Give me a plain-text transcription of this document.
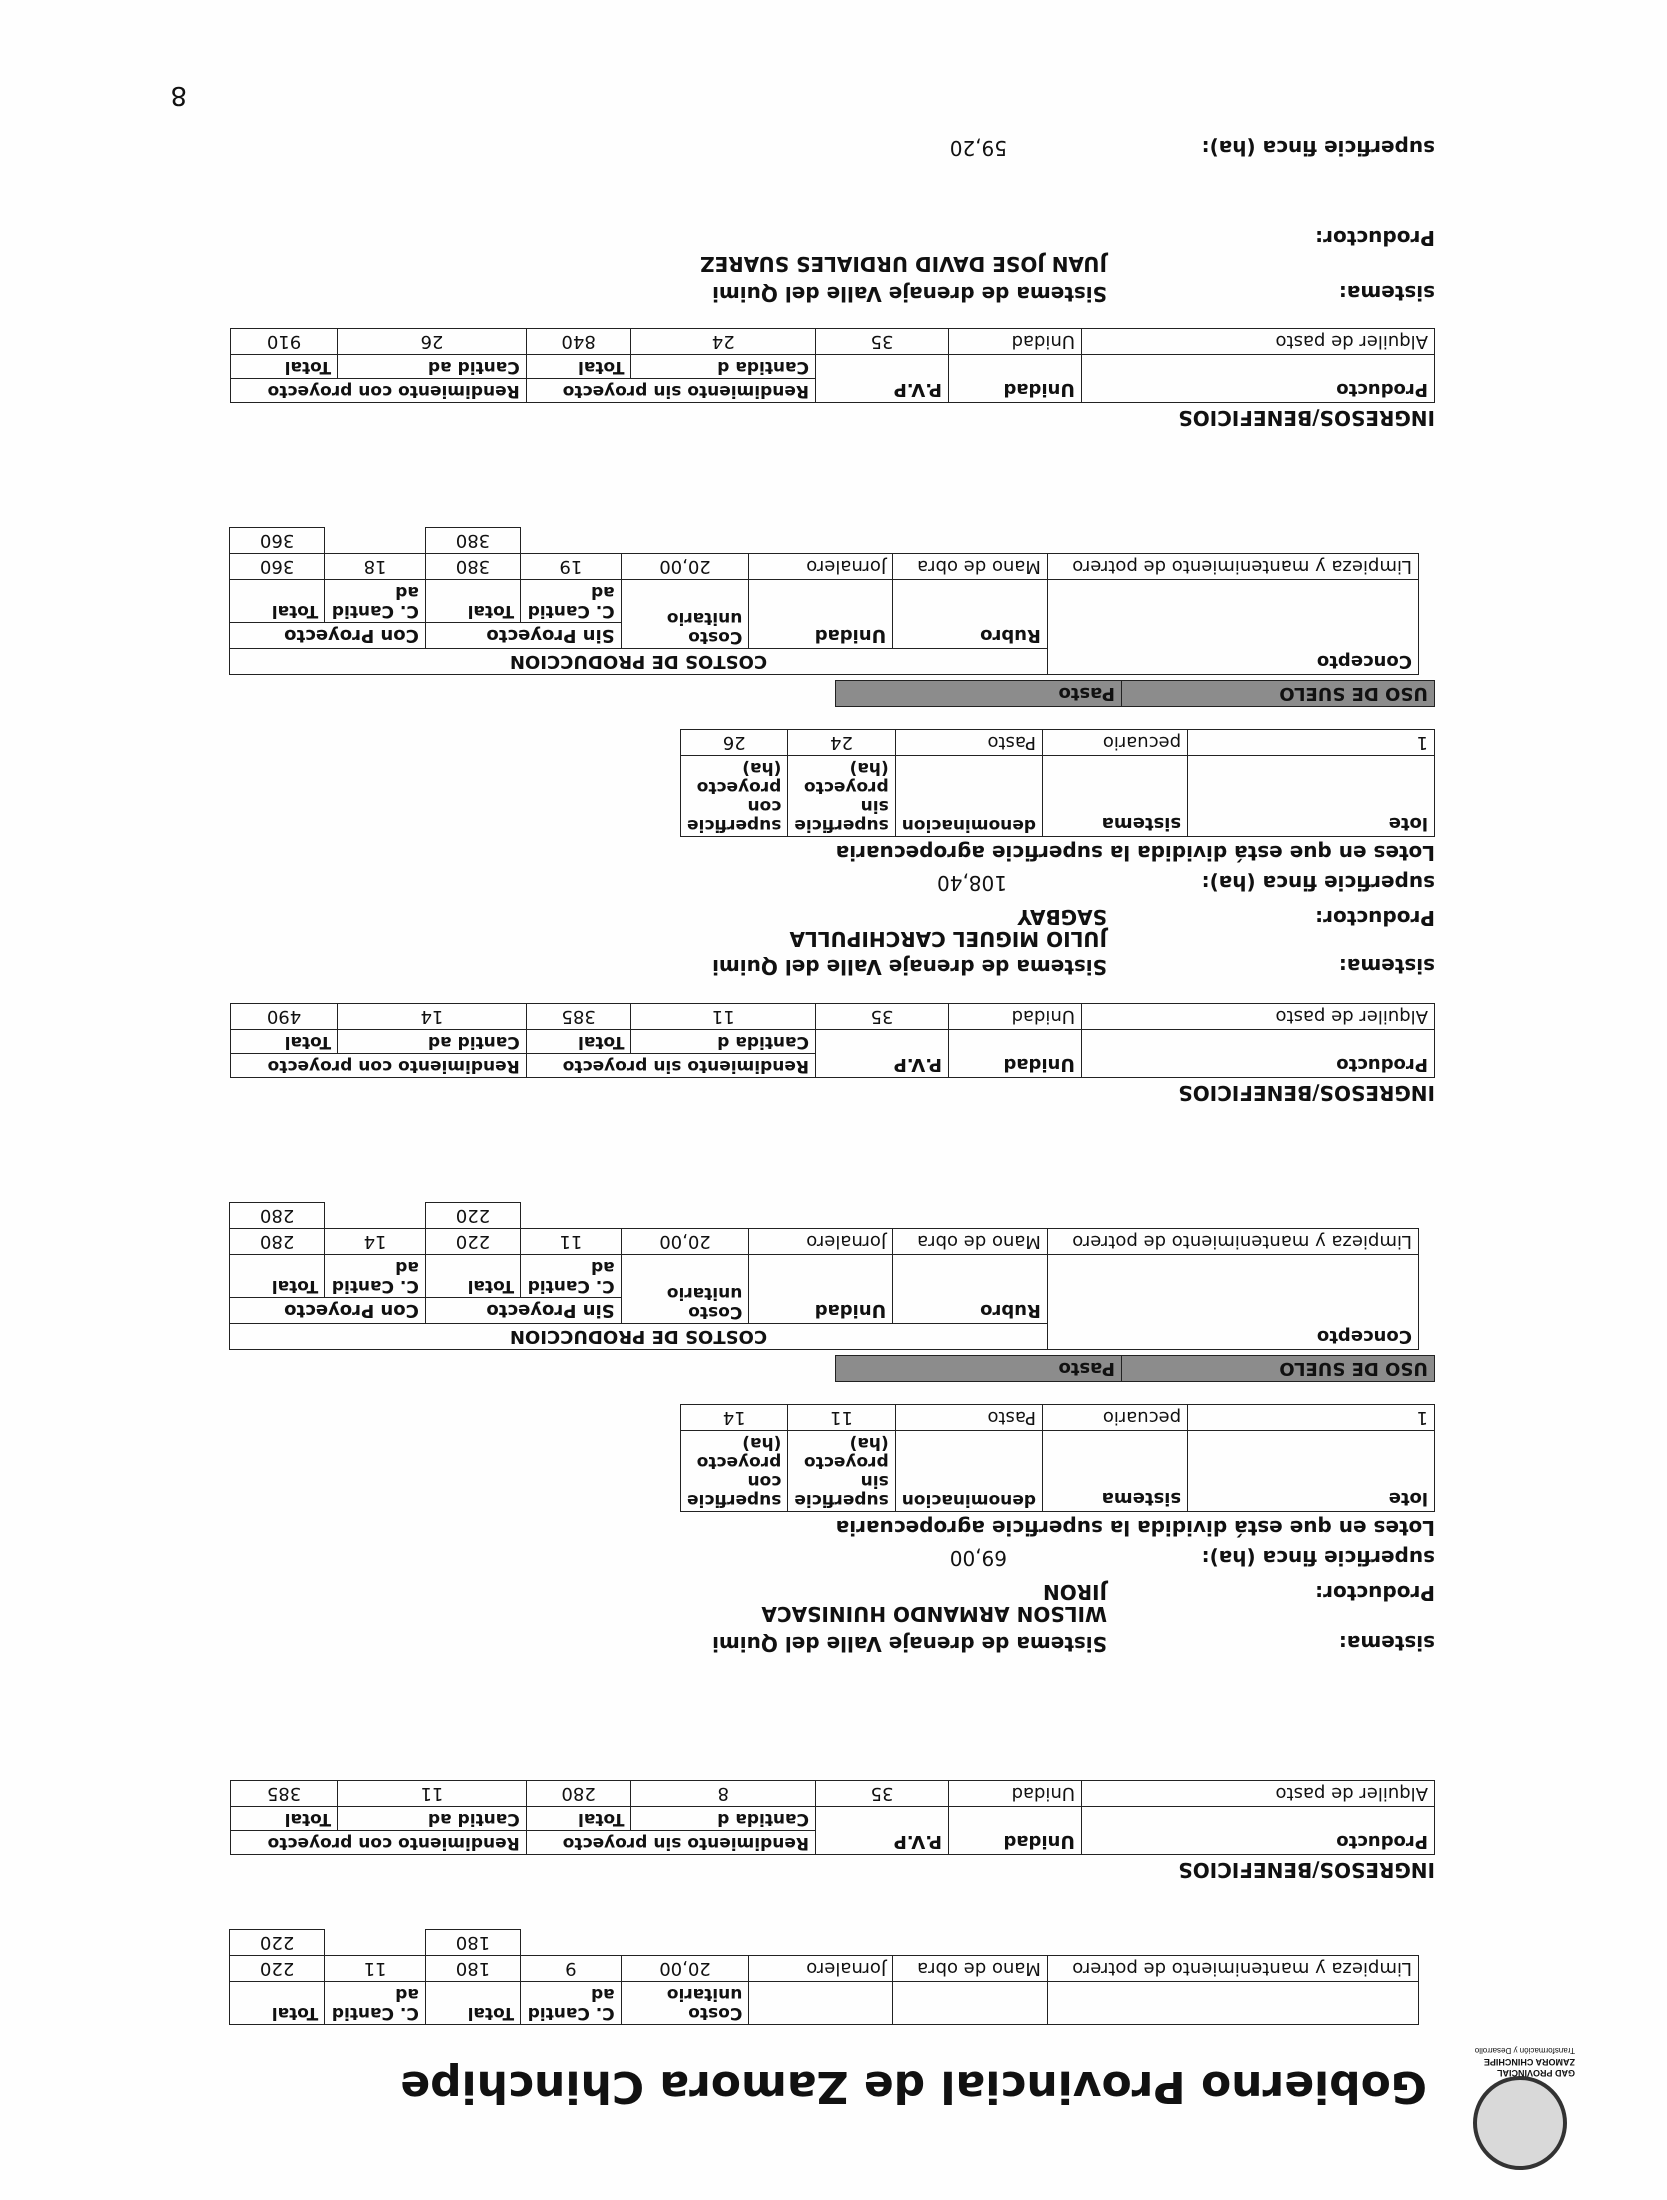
GAD PROVINCIAL
ZAMORA CHINCHIPE
Transformación y Desarrollo
Gobierno Provincial de Zamora Chinchipe
			Costo unitario	C. Cantid ad	Total	C. Cantid ad	Total
Limpieza y mantenimiento de potrero	Mano de obra	Jornalero	20,00	9	180	11	220
					180		220
INGRESOS/BENEFICIOS
Producto	Unidad	P.V.P	Rendimiento sin proyecto		Rendimiento con proyecto	
			Cantida d	Total	Cantid ad	Total
Alquiler de pasto	Unidad	35	8	280	11	385
sistema:
Sistema de drenaje Valle del Quimi
Productor:
WILSON ARMANDO HUINISACA JIRON
superficie finca (ha):
69,00
Lotes en que está dividida la superficie agropecuaria
lote	sistema	denominacion	superficie sin proyecto (ha)	superficie con proyecto (ha)
1	pecuario	Pasto	11	14
USO DE SUELO	Pasto
Concepto	COSTOS DE PRODUCCION						
	Rubro	Unidad	Costo unitario	Sin Proyecto		Con Proyecto	
				C. Cantid ad	Total	C. Cantid ad	Total
Limpieza y mantenimiento de potrero	Mano de obra	Jornalero	20,00	11	220	14	280
					220		280
INGRESOS/BENEFICIOS
Producto	Unidad	P.V.P	Rendimiento sin proyecto		Rendimiento con proyecto	
			Cantida d	Total	Cantid ad	Total
Alquiler de pasto	Unidad	35	11	385	14	490
sistema:
Sistema de drenaje Valle del Quimi
Productor:
JULIO MIGUEL CARCHIPULLA SAGBAY
superficie finca (ha):
108,40
Lotes en que está dividida la superficie agropecuaria
lote	sistema	denominacion	superficie sin proyecto (ha)	superficie con proyecto (ha)
1	pecuario	Pasto	24	26
USO DE SUELO	Pasto
Concepto	COSTOS DE PRODUCCION						
	Rubro	Unidad	Costo unitario	Sin Proyecto		Con Proyecto	
				C. Cantid ad	Total	C. Cantid ad	Total
Limpieza y mantenimiento de potrero	Mano de obra	Jornalero	20,00	19	380	18	360
					380		360
INGRESOS/BENEFICIOS
Producto	Unidad	P.V.P	Rendimiento sin proyecto		Rendimiento con proyecto	
			Cantida d	Total	Cantid ad	Total
Alquiler de pasto	Unidad	35	24	840	26	910
sistema:
Sistema de drenaje Valle del Quimi
Productor:
JUAN JOSE DAVID URDIALES SUAREZ
superficie finca (ha):
59,20
8
